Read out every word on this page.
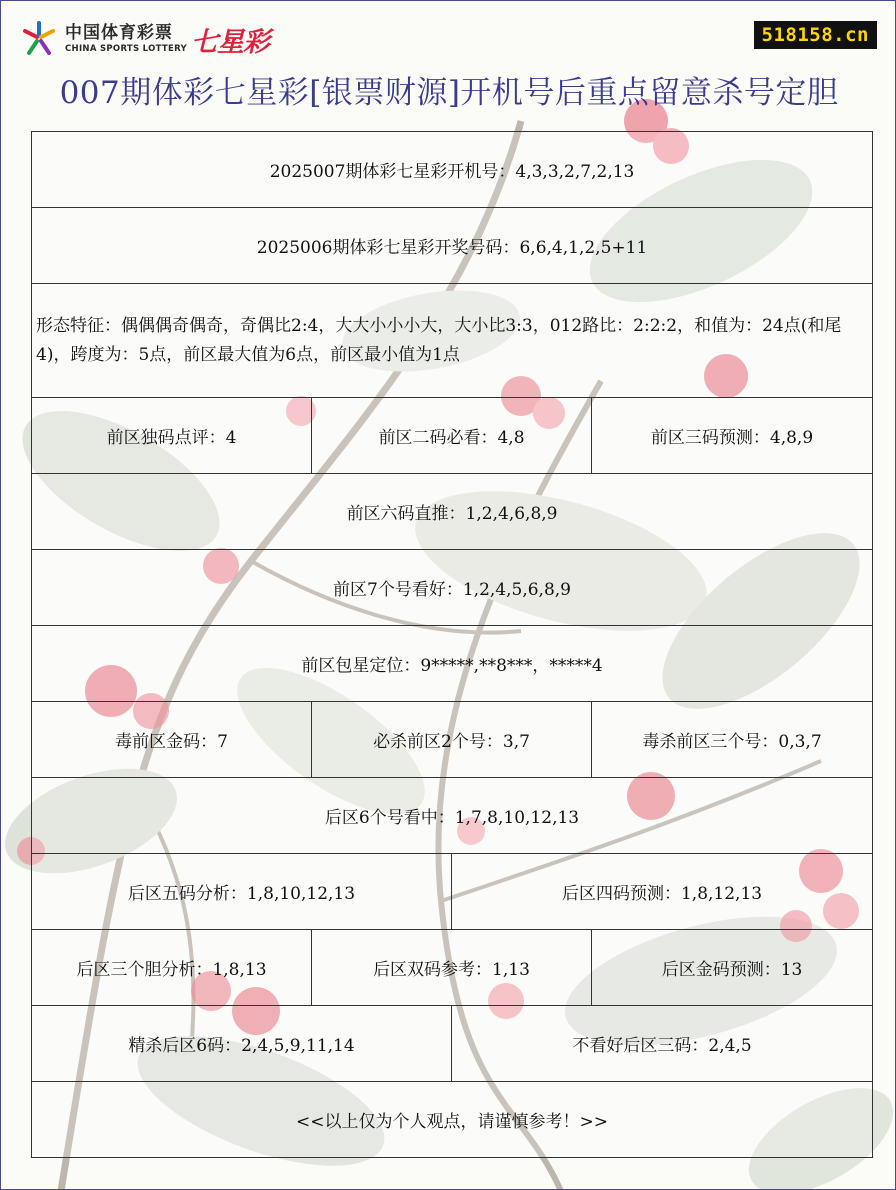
中国体育彩票
CHINA SPORTS LOTTERY 七星彩	518158.cn
007期体彩七星彩[银票财源]开机号后重点留意杀号定胆
2025007期体彩七星彩开机号：4,3,3,2,7,2,13			
2025006期体彩七星彩开奖号码：6,6,4,1,2,5+11			
形态特征：偶偶偶奇偶奇，奇偶比2:4，大大小小小大，大小比3:3，012路比：2:2:2，和值为：24点(和尾4)，跨度为：5点，前区最大值为6点，前区最小值为1点			
前区独码点评：4	前区二码必看：4,8		前区三码预测：4,8,9
前区六码直推：1,2,4,6,8,9			
前区7个号看好：1,2,4,5,6,8,9			
前区包星定位：9*****,**8***，*****4			
毒前区金码：7	必杀前区2个号：3,7		毒杀前区三个号：0,3,7
后区6个号看中：1,7,8,10,12,13			
后区五码分析：1,8,10,12,13		后区四码预测：1,8,12,13	
后区三个胆分析：1,8,13	后区双码参考：1,13		后区金码预测：13
精杀后区6码：2,4,5,9,11,14		不看好后区三码：2,4,5	
<<以上仅为个人观点，请谨慎参考！>>			
